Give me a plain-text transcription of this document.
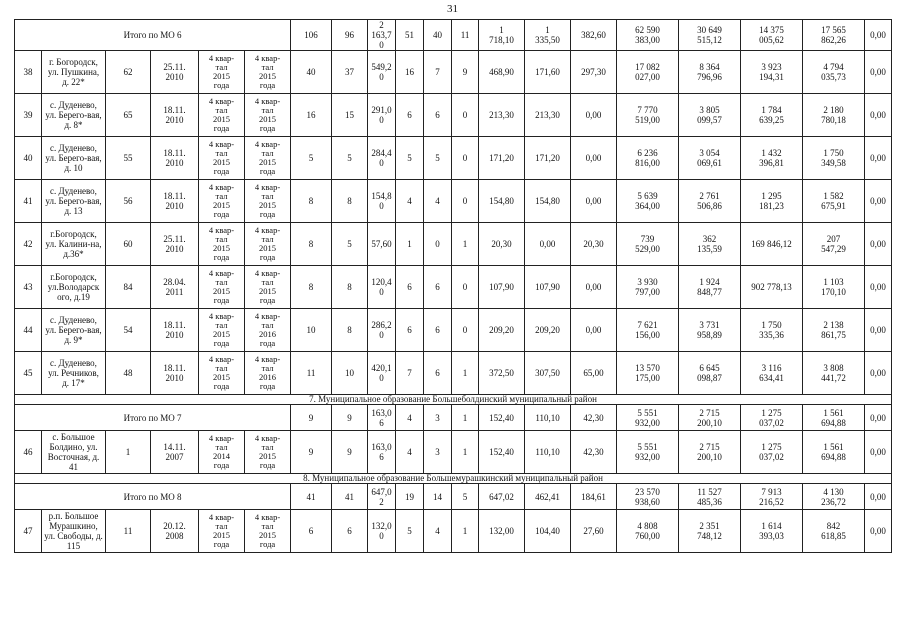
31
Итого по МО 6						106	96	2
163,7
0	51	40	11	1
718,10	1
335,50	382,60	62 590
383,00	30 649
515,12	14 375
005,62	17 565
862,26	0,00
38	г. Богородск, ул. Пушкина, д. 22*	62	25.11.
2010	4 квар-
тал
2015
года	4 квар-
тал
2015
года	40	37	549,2
0	16	7	9	468,90	171,60	297,30	17 082
027,00	8 364
796,96	3 923
194,31	4 794
035,73	0,00
39	с. Дуденево, ул. Берего-вая, д. 8*	65	18.11.
2010	4 квар-
тал
2015
года	4 квар-
тал
2015
года	16	15	291,0
0	6	6	0	213,30	213,30	0,00	7 770
519,00	3 805
099,57	1 784
639,25	2 180
780,18	0,00
40	с. Дуденево, ул. Берего-вая, д. 10	55	18.11.
2010	4 квар-
тал
2015
года	4 квар-
тал
2015
года	5	5	284,4
0	5	5	0	171,20	171,20	0,00	6 236
816,00	3 054
069,61	1 432
396,81	1 750
349,58	0,00
41	с. Дуденево, ул. Берего-вая, д. 13	56	18.11.
2010	4 квар-
тал
2015
года	4 квар-
тал
2015
года	8	8	154,8
0	4	4	0	154,80	154,80	0,00	5 639
364,00	2 761
506,86	1 295
181,23	1 582
675,91	0,00
42	г.Богородск, ул. Калини-на, д.36*	60	25.11.
2010	4 квар-
тал
2015
года	4 квар-
тал
2015
года	8	5	57,60	1	0	1	20,30	0,00	20,30	739
529,00	362
135,59	169 846,12	207
547,29	0,00
43	г.Богородск, ул.Володарск ого, д.19	84	28.04.
2011	4 квар-
тал
2015
года	4 квар-
тал
2015
года	8	8	120,4
0	6	6	0	107,90	107,90	0,00	3 930
797,00	1 924
848,77	902 778,13	1 103
170,10	0,00
44	с. Дуденево, ул. Берего-вая, д. 9*	54	18.11.
2010	4 квар-
тал
2015
года	4 квар-
тал
2016
года	10	8	286,2
0	6	6	0	209,20	209,20	0,00	7 621
156,00	3 731
958,89	1 750
335,36	2 138
861,75	0,00
45	с. Дуденево, ул. Речников, д. 17*	48	18.11.
2010	4 квар-
тал
2015
года	4 квар-
тал
2016
года	11	10	420,1
0	7	6	1	372,50	307,50	65,00	13 570
175,00	6 645
098,87	3 116
634,41	3 808
441,72	0,00
7. Муниципальное образование Большеболдинский муниципальный район																			
Итого по МО 7						9	9	163,0
6	4	3	1	152,40	110,10	42,30	5 551
932,00	2 715
200,10	1 275
037,02	1 561
694,88	0,00
46	с. Большое Болдино, ул. Восточная, д. 41	1	14.11.
2007	4 квар-
тал
2014
года	4 квар-
тал
2015
года	9	9	163,0
6	4	3	1	152,40	110,10	42,30	5 551
932,00	2 715
200,10	1 275
037,02	1 561
694,88	0,00
8. Муниципальное образование Большемурашкинский муниципальный район																			
Итого по МО 8						41	41	647,0
2	19	14	5	647,02	462,41	184,61	23 570
938,60	11 527
485,36	7 913
216,52	4 130
236,72	0,00
47	р.п. Большое Мурашкино, ул. Свободы, д. 115	11	20.12.
2008	4 квар-
тал
2015
года	4 квар-
тал
2015
года	6	6	132,0
0	5	4	1	132,00	104,40	27,60	4 808
760,00	2 351
748,12	1 614
393,03	842
618,85	0,00
